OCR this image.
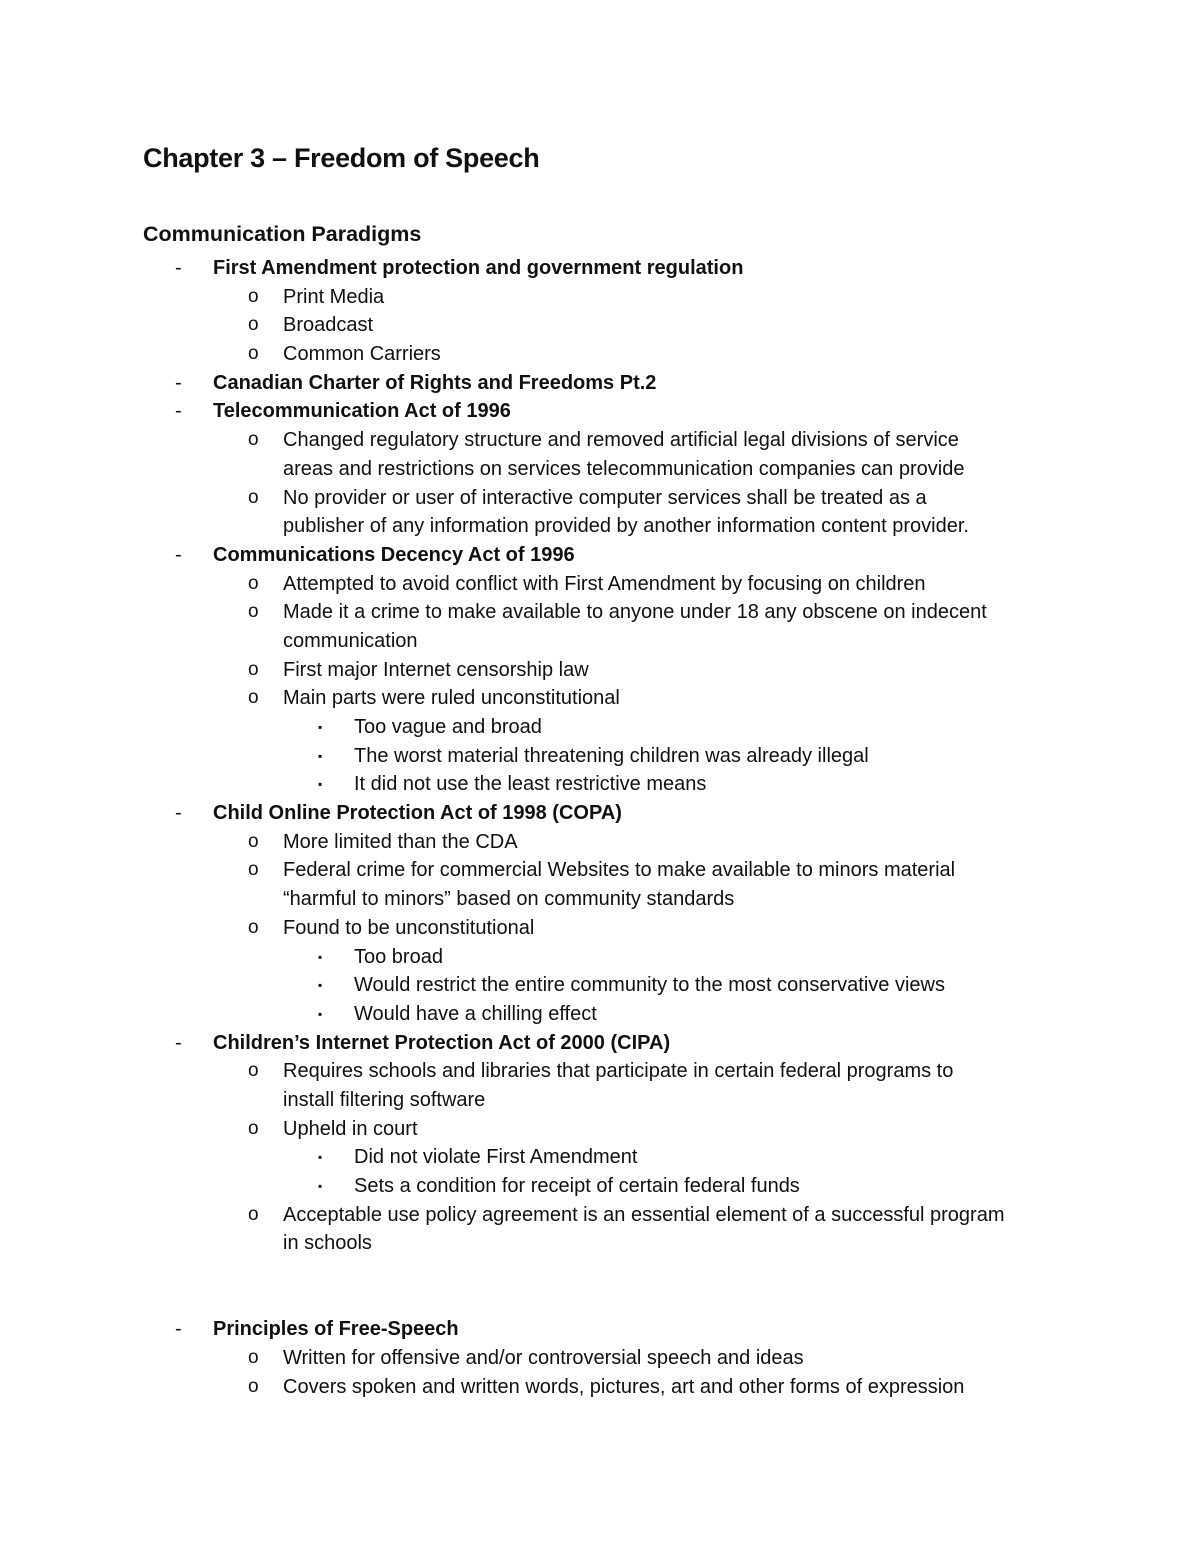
Chapter 3 – Freedom of Speech
Communication Paradigms
- First Amendment protection and government regulation
o Print Media
o Broadcast
o Common Carriers
- Canadian Charter of Rights and Freedoms Pt.2
- Telecommunication Act of 1996
o Changed regulatory structure and removed artificial legal divisions of service
areas and restrictions on services telecommunication companies can provide
o No provider or user of interactive computer services shall be treated as a
publisher of any information provided by another information content provider.
- Communications Decency Act of 1996
o Attempted to avoid conflict with First Amendment by focusing on children
o Made it a crime to make available to anyone under 18 any obscene on indecent
communication
o First major Internet censorship law
o Main parts were ruled unconstitutional
▪ Too vague and broad
▪ The worst material threatening children was already illegal
▪ It did not use the least restrictive means
- Child Online Protection Act of 1998 (COPA)
o More limited than the CDA
o Federal crime for commercial Websites to make available to minors material
“harmful to minors” based on community standards
o Found to be unconstitutional
▪ Too broad
▪ Would restrict the entire community to the most conservative views
▪ Would have a chilling effect
- Children’s Internet Protection Act of 2000 (CIPA)
o Requires schools and libraries that participate in certain federal programs to
install filtering software
o Upheld in court
▪ Did not violate First Amendment
▪ Sets a condition for receipt of certain federal funds
o Acceptable use policy agreement is an essential element of a successful program
in schools
- Principles of Free-Speech
o Written for offensive and/or controversial speech and ideas
o Covers spoken and written words, pictures, art and other forms of expression
